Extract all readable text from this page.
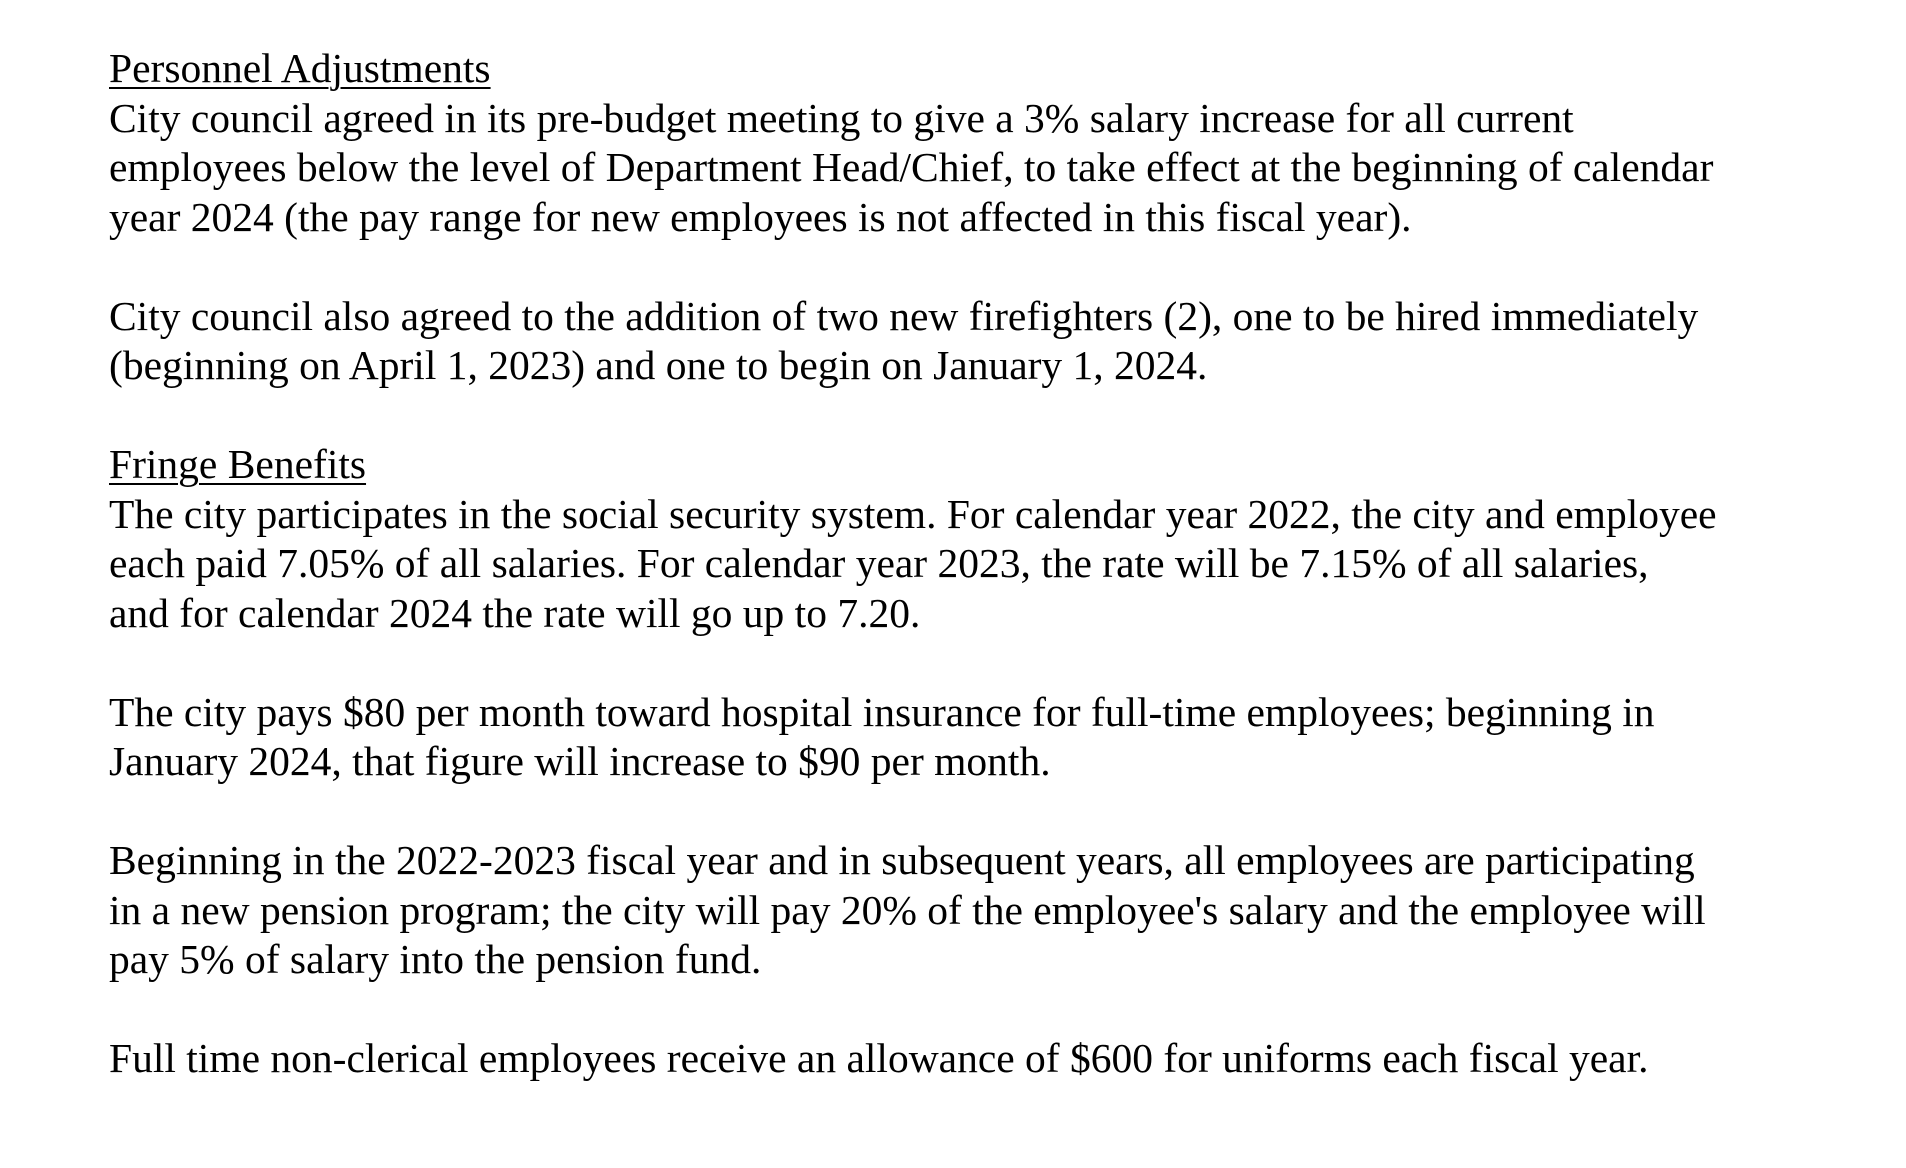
Personnel Adjustments

City council agreed in its pre-budget meeting to give a 3% salary increase for all current
employees below the level of Department Head/Chief, to take effect at the beginning of calendar
year 2024 (the pay range for new employees is not affected in this fiscal year).

City council also agreed to the addition of two new firefighters (2), one to be hired immediately
(beginning on April 1, 2023) and one to begin on January 1, 2024.

Fringe Benefits

The city participates in the social security system. For calendar year 2022, the city and employee
each paid 7.05% of all salaries. For calendar year 2023, the rate will be 7.15% of all salaries,
and for calendar 2024 the rate will go up to 7.20.

The city pays $80 per month toward hospital insurance for full-time employees; beginning in
January 2024, that figure will increase to $90 per month.

Beginning in the 2022-2023 fiscal year and in subsequent years, all employees are participating
in a new pension program; the city will pay 20% of the employee's salary and the employee will
pay 5% of salary into the pension fund.

Full time non-clerical employees receive an allowance of $600 for uniforms each fiscal year.
